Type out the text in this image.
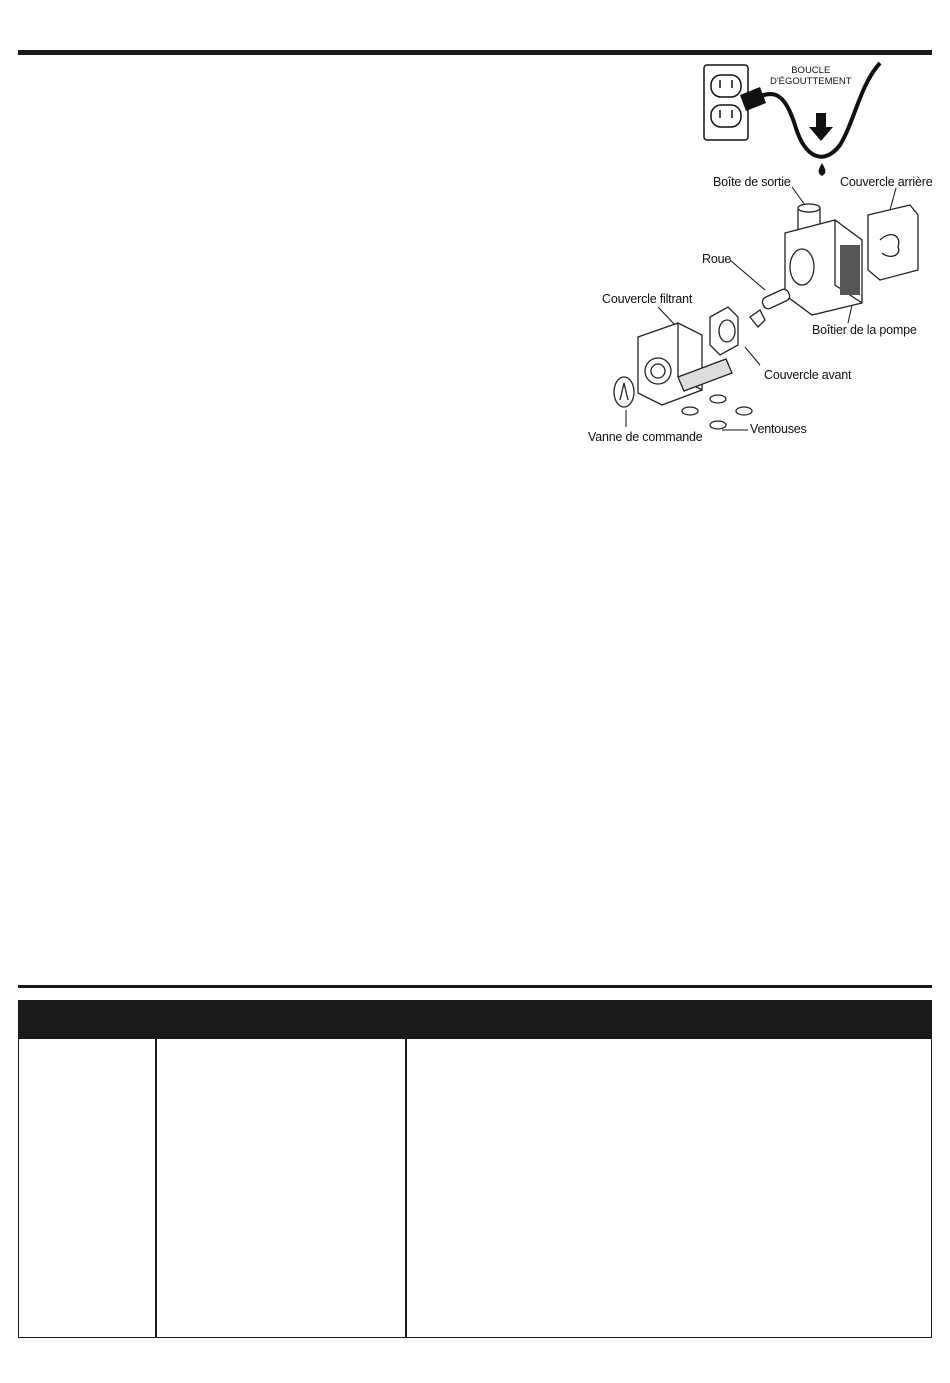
BOUCLE
D'ÉGOUTTEMENT
Boîte de sortie	Couvercle arrière
Roue
Couvercle filtrant
Boîtier de la pompe
Couvercle avant
Vanne de commande
Ventouses
